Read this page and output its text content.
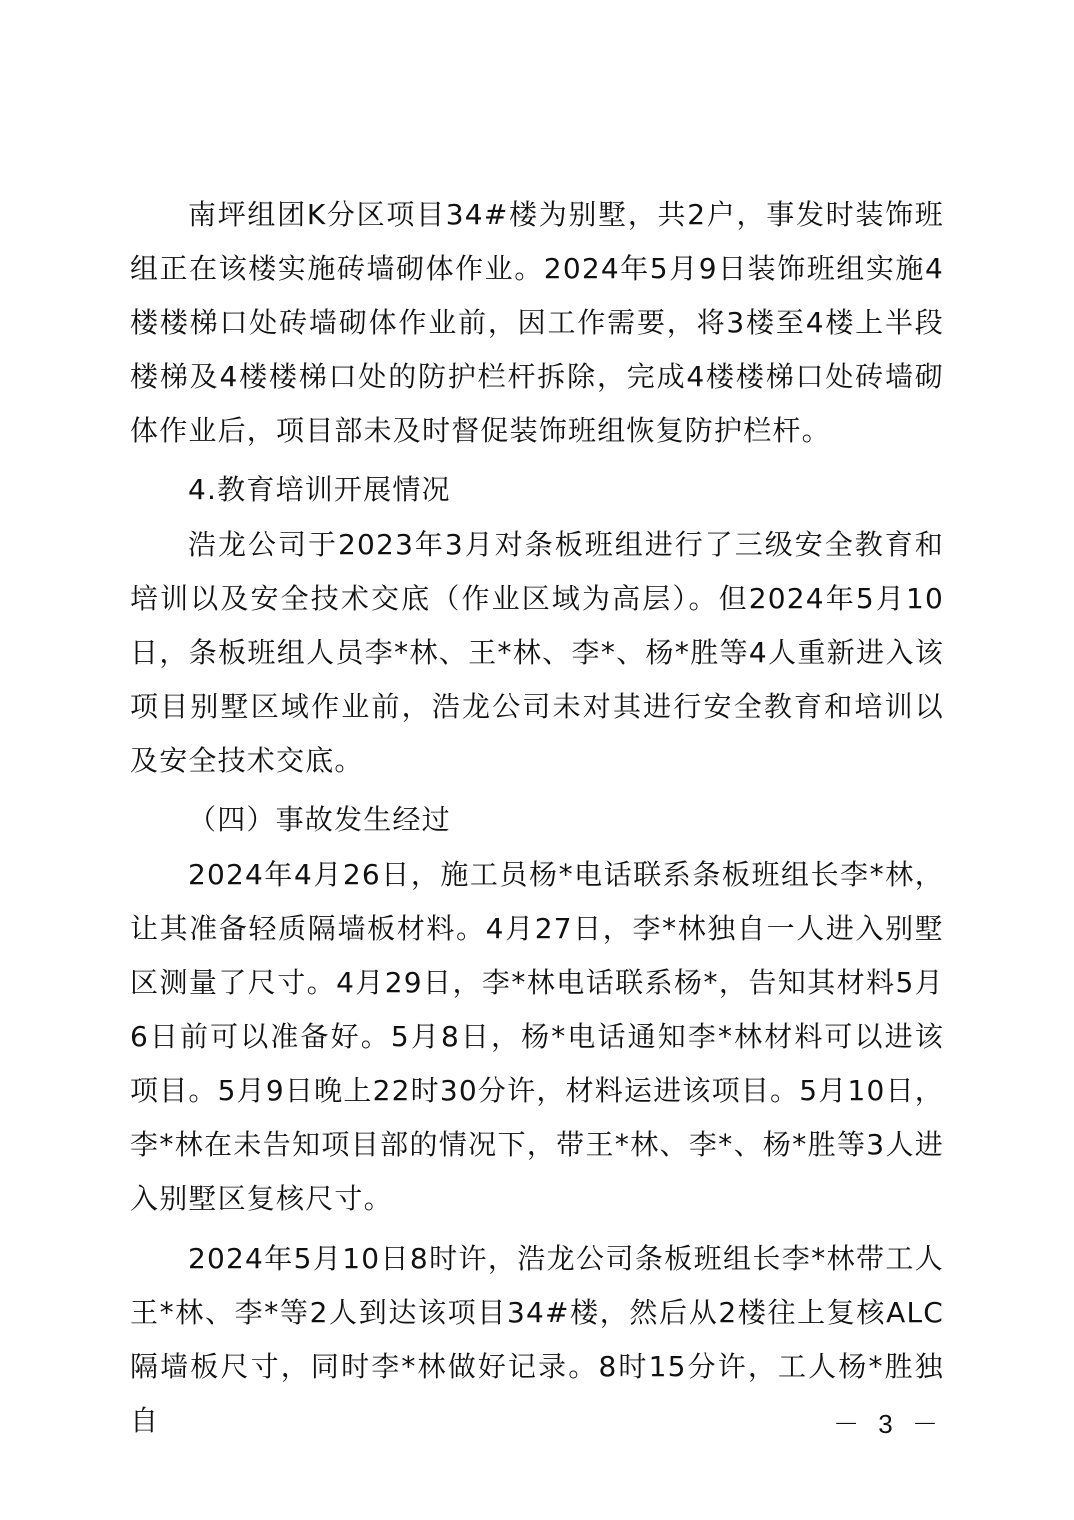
南坪组团K分区项目34#楼为别墅，共2户，事发时装饰班组正在该楼实施砖墙砌体作业。2024年5月9日装饰班组实施4楼楼梯口处砖墙砌体作业前，因工作需要，将3楼至4楼上半段楼梯及4楼楼梯口处的防护栏杆拆除，完成4楼楼梯口处砖墙砌体作业后，项目部未及时督促装饰班组恢复防护栏杆。

4.教育培训开展情况

浩龙公司于2023年3月对条板班组进行了三级安全教育和培训以及安全技术交底（作业区域为高层）。但2024年5月10日，条板班组人员李*林、王*林、李*、杨*胜等4人重新进入该项目别墅区域作业前，浩龙公司未对其进行安全教育和培训以及安全技术交底。

（四）事故发生经过

2024年4月26日，施工员杨*电话联系条板班组长李*林，让其准备轻质隔墙板材料。4月27日，李*林独自一人进入别墅区测量了尺寸。4月29日，李*林电话联系杨*，告知其材料5月6日前可以准备好。5月8日，杨*电话通知李*林材料可以进该项目。5月9日晚上22时30分许，材料运进该项目。5月10日，李*林在未告知项目部的情况下，带王*林、李*、杨*胜等3人进入别墅区复核尺寸。

2024年5月10日8时许，浩龙公司条板班组长李*林带工人王*林、李*等2人到达该项目34#楼，然后从2楼往上复核ALC隔墙板尺寸，同时李*林做好记录。8时15分许，工人杨*胜独自	－ 3 －
